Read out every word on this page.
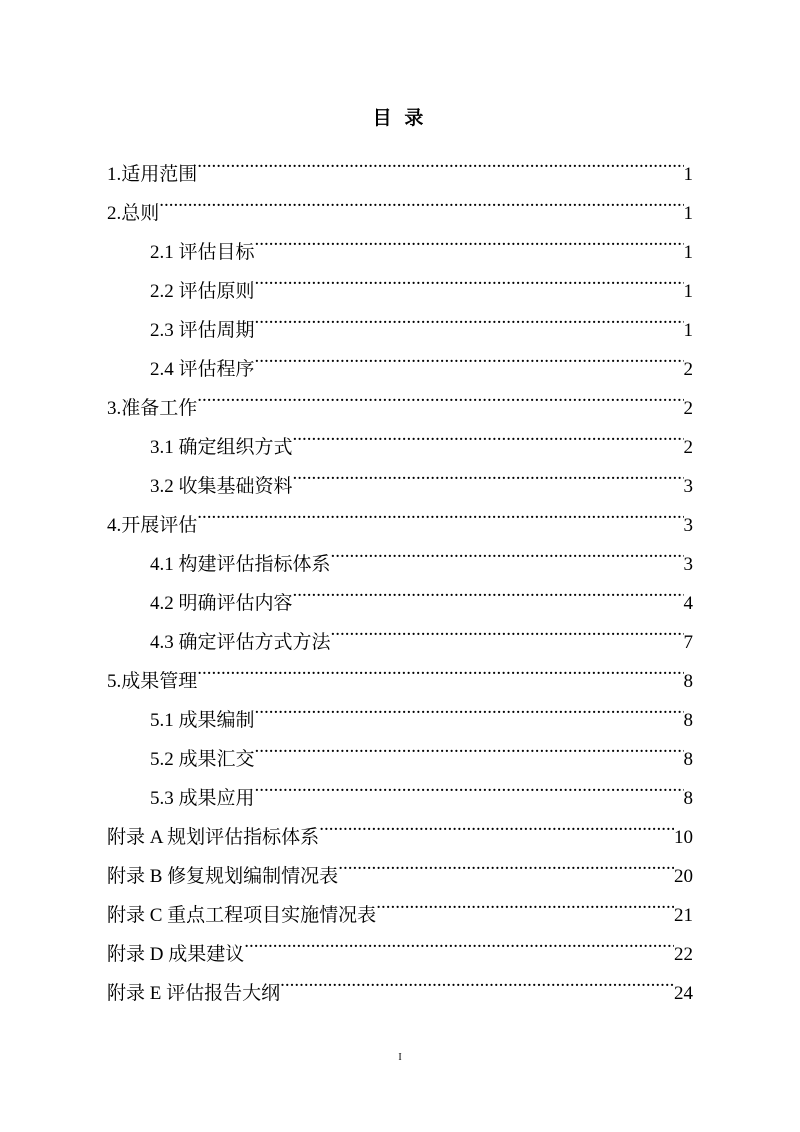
目 录
1.适用范围 .....	1
2.总则 .....	1
2.1 评估目标 .....	1
2.2 评估原则 .....	1
2.3 评估周期 .....	1
2.4 评估程序 .....	2
3.准备工作 .....	2
3.1 确定组织方式 .....	2
3.2 收集基础资料 .....	3
4.开展评估 .....	3
4.1 构建评估指标体系 .....	3
4.2 明确评估内容 .....	4
4.3 确定评估方式方法 .....	7
5.成果管理 .....	8
5.1 成果编制 .....	8
5.2 成果汇交 .....	8
5.3 成果应用 .....	8
附录 A 规划评估指标体系 .....	10
附录 B 修复规划编制情况表 .....	20
附录 C 重点工程项目实施情况表 .....	21
附录 D 成果建议 .....	22
附录 E 评估报告大纲 .....	24
I
